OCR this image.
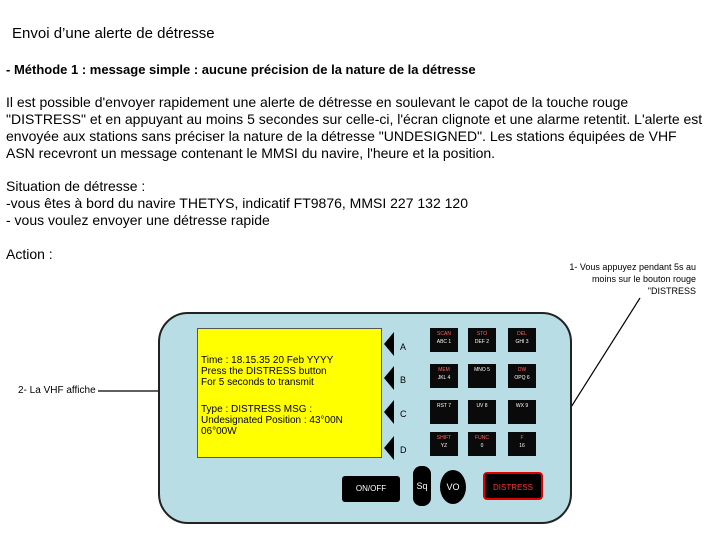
Envoi d’une alerte de détresse
- Méthode 1 : message simple : aucune précision de la nature de la détresse

Il est possible d'envoyer rapidement une alerte de détresse en soulevant le capot de la touche rouge "DISTRESS" et en appuyant au moins 5 secondes sur celle-ci, l'écran clignote et une alarme retentit. L'alerte est envoyée aux stations sans préciser la nature de la détresse "UNDESIGNED". Les stations équipées de VHF ASN recevront un message contenant le MMSI du navire, l'heure et la position.

Situation de détresse :
-vous êtes à bord du navire THETYS, indicatif FT9876, MMSI 227 132 120
- vous voulez envoyer une détresse rapide
Action :
1- Vous appuyez pendant 5s au moins sur le bouton rouge "DISTRESS
2- La VHF affiche
Time : 18.15.35 20 Feb YYYY
Press the DISTRESS button
For 5 seconds to transmit
Type : DISTRESS MSG :
Undesignated Position : 43°00N
06°00W
A
B
C
D
SCAN
ABC 1
STO
DEF 2
DEL
GHI 3
MEM
JKL 4
MNO 5	DW
OPQ 6
RST 7	UV 8	WX 9
SHIFT
YZ
FUNC
0
F
16
ON/OFF	Sq	VO	DISTRESS
